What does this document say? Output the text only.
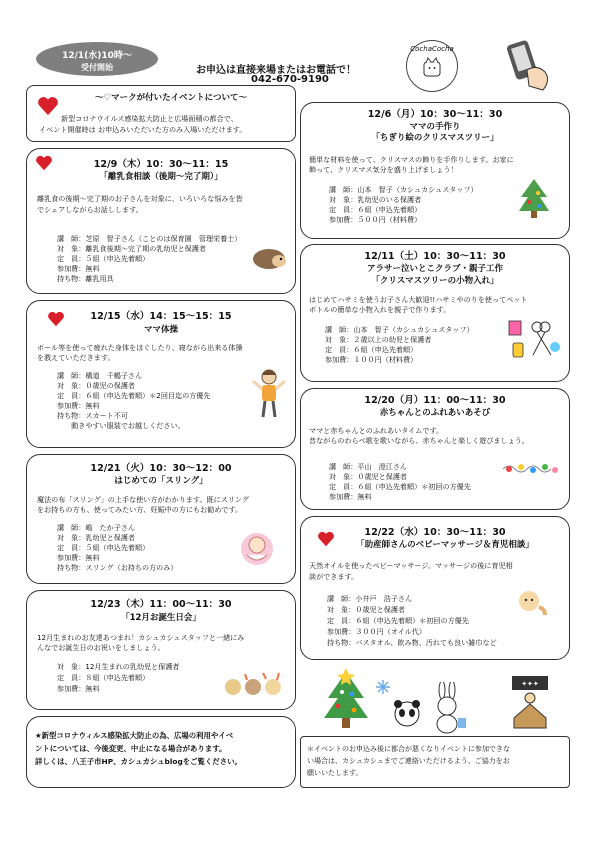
12/1(水)10時～
受付開始	お申込は直接来場またはお電話で！
042-670-9190
CochaCocha
～♡マークが付いたイベントについて～
新型コロナウイルス感染拡大防止と広場面積の都合で、
イベント開催時は お申込みいただいた方のみ入場いただけます。
12/9（木）10：30～11：15
「離乳食相談（後期～完了期）」
離乳食の後期～完了期のお子さんを対象に、いろいろな悩みを皆
でシェアしながらお話しします。
講　師：芝原　智子さん（ことのは保育園　管理栄養士）
対　象：離乳食後期～完了期の乳幼児と保護者
定　員：５組（申込先着順）
参加費：無料
持ち物：離乳用具
12/15（水）14：15～15：15
ママ体操
ボール等を使って疲れた身体をほぐしたり、寝ながら出来る体操
を教えていただきます。
講　師：構道　千鶴子さん
対　象：０歳児の保護者
定　員：６組（申込先着順）＊2回目迄の方優先
参加費：無料
持ち物：スカート不可
　　動きやすい服装でお越しください。
12/21（火）10：30～12：00
はじめての「スリング」
魔法の布「スリング」の上手な使い方がわかります。既にスリング
をお持ちの方も、使ってみたい方、妊娠中の方にもお勧めです。
講　師：嶋　たか子さん
対　象：乳幼児と保護者
定　員：５組（申込先着順）
参加費：無料
持ち物：スリング（お持ちの方のみ）
12/23（木）11：00～11：30
「12月お誕生日会」
12月生まれのお友達あつまれ！カシュカシュスタッフと一緒にみ
んなでお誕生日のお祝いをしましょう。
対　象：12月生まれの乳幼児と保護者
定　員：８組（申込先着順）
参加費：無料
★新型コロナウィルス感染拡大防止の為、広場の利用やイベ
ントについては、今後変更、中止になる場合があります。
詳しくは、八王子市HP、カシュカシュblogをご覧ください。
12/6（月）10：30～11：30
ママの手作り
「ちぎり絵のクリスマスツリー」
簡単な材料を使って、クリスマスの飾りを手作りします。お家に
飾って、クリスマス気分を盛り上げましょう！
講　師：山本　智子（カシュカシュスタッフ）
対　象：乳幼児のいる保護者
定　員：６組（申込先着順）
参加費：５００円（材料費）
12/11（土）10：30～11：30
アラサー泣いとこクラブ・親子工作
「クリスマスツリーの小物入れ」
はじめてハサミを使うお子さん大歓迎!!ハサミやのりを使ってペット
ボトルの簡単な小物入れを親子で作ります。
講　師：山本　智子（カシュカシュスタッフ）
対　象：２歳以上の幼児と保護者
定　員：６組（申込先着順）
参加費：１００円（材料費）
12/20（月）11：00～11：30
赤ちゃんとのふれあいあそび
ママと赤ちゃんとのふれあいタイムです。
昔ながらのわらべ歌を歌いながら、赤ちゃんと楽しく遊びましょう。
講　師：平山　澄江さん
対　象：０歳児と保護者
定　員：６組（申込先着順）＊初回の方優先
参加費：無料
12/22（水）10：30～11：30
「助産師さんのベビーマッサージ＆育児相談」
天然オイルを使ったベビーマッサージ。マッサージの後に育児相
談ができます。
講　師：小井戸　浩子さん
対　象：０歳児と保護者
定　員：６組（申込先着順）＊初回の方優先
参加費：３００円（オイル代）
持ち物：バスタオル、飲み物、汚れても良い雑巾など
✦✦✦
＊イベントのお申込み後に都合が悪くなりイベントに参加できな
い場合は、カシュカシュまでご連絡いただけるよう、ご協力をお
願いいたします。
